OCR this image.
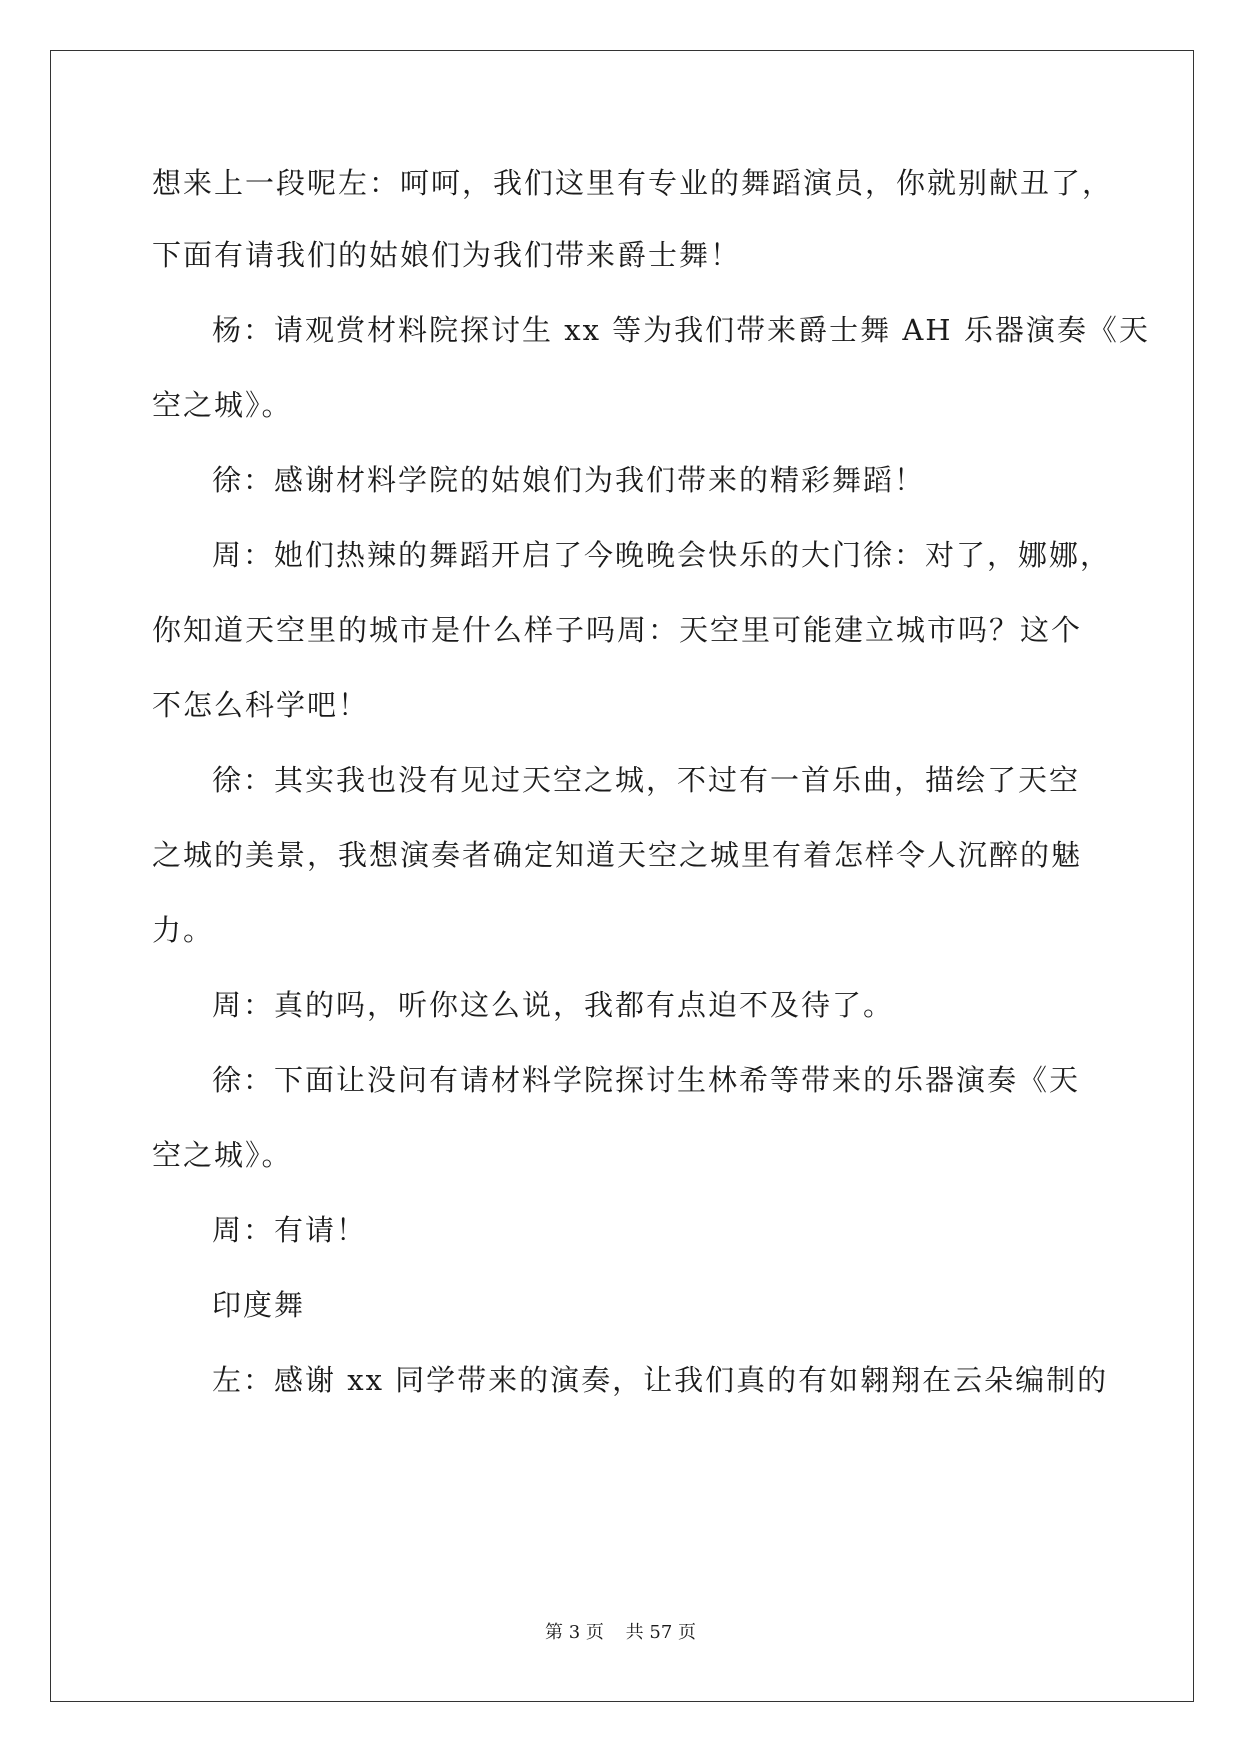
想来上一段呢左：呵呵，我们这里有专业的舞蹈演员，你就别献丑了，
下面有请我们的姑娘们为我们带来爵士舞！
杨：请观赏材料院探讨生 xx 等为我们带来爵士舞 AH 乐器演奏《天
空之城》。
徐：感谢材料学院的姑娘们为我们带来的精彩舞蹈！
周：她们热辣的舞蹈开启了今晚晚会快乐的大门徐：对了，娜娜，
你知道天空里的城市是什么样子吗周：天空里可能建立城市吗？这个
不怎么科学吧！
徐：其实我也没有见过天空之城，不过有一首乐曲，描绘了天空
之城的美景，我想演奏者确定知道天空之城里有着怎样令人沉醉的魅
力。
周：真的吗，听你这么说，我都有点迫不及待了。
徐：下面让没问有请材料学院探讨生林希等带来的乐器演奏《天
空之城》。
周：有请！
印度舞
左：感谢 xx 同学带来的演奏，让我们真的有如翱翔在云朵编制的
第 3 页 共 57 页
